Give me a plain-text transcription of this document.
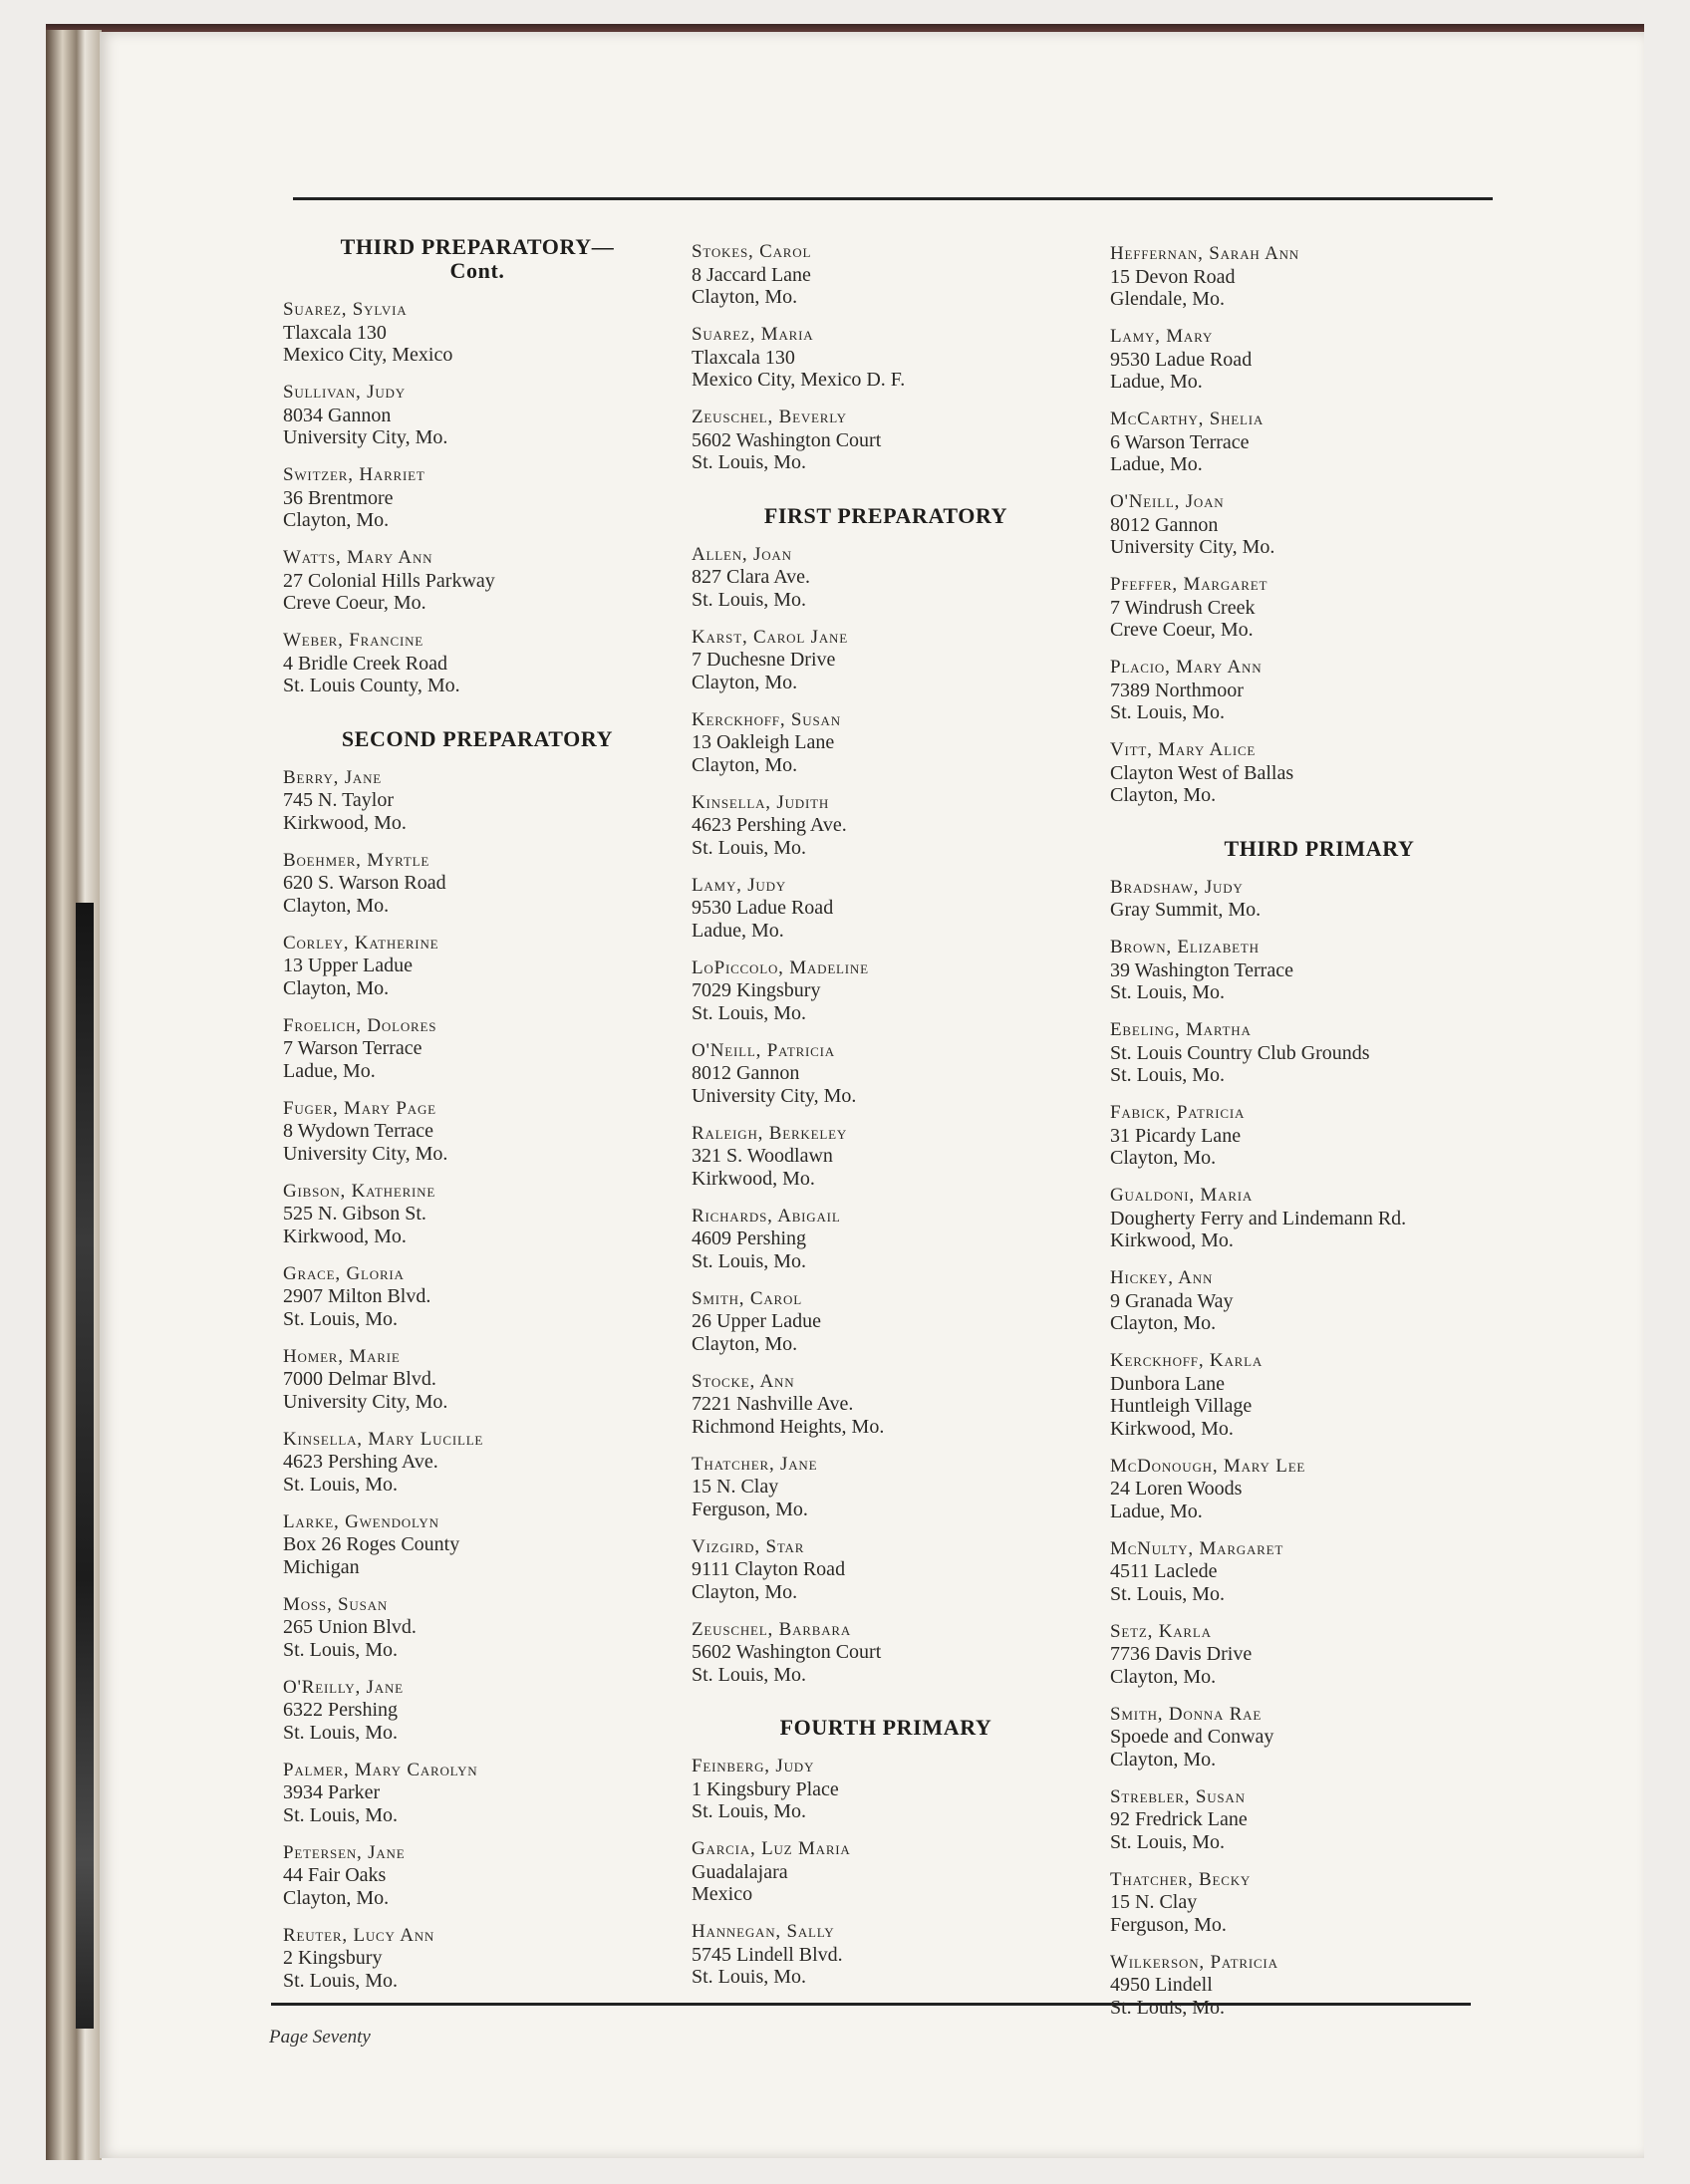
THIRD PREPARATORY—
Cont.
Suarez, Sylvia
Tlaxcala 130
Mexico City, Mexico
Sullivan, Judy
8034 Gannon
University City, Mo.
Switzer, Harriet
36 Brentmore
Clayton, Mo.
Watts, Mary Ann
27 Colonial Hills Parkway
Creve Coeur, Mo.
Weber, Francine
4 Bridle Creek Road
St. Louis County, Mo.
SECOND PREPARATORY
Berry, Jane
745 N. Taylor
Kirkwood, Mo.
Boehmer, Myrtle
620 S. Warson Road
Clayton, Mo.
Corley, Katherine
13 Upper Ladue
Clayton, Mo.
Froelich, Dolores
7 Warson Terrace
Ladue, Mo.
Fuger, Mary Page
8 Wydown Terrace
University City, Mo.
Gibson, Katherine
525 N. Gibson St.
Kirkwood, Mo.
Grace, Gloria
2907 Milton Blvd.
St. Louis, Mo.
Homer, Marie
7000 Delmar Blvd.
University City, Mo.
Kinsella, Mary Lucille
4623 Pershing Ave.
St. Louis, Mo.
Larke, Gwendolyn
Box 26 Roges County
Michigan
Moss, Susan
265 Union Blvd.
St. Louis, Mo.
O'Reilly, Jane
6322 Pershing
St. Louis, Mo.
Palmer, Mary Carolyn
3934 Parker
St. Louis, Mo.
Petersen, Jane
44 Fair Oaks
Clayton, Mo.
Reuter, Lucy Ann
2 Kingsbury
St. Louis, Mo.
Stokes, Carol
8 Jaccard Lane
Clayton, Mo.
Suarez, Maria
Tlaxcala 130
Mexico City, Mexico D. F.
Zeuschel, Beverly
5602 Washington Court
St. Louis, Mo.
FIRST PREPARATORY
Allen, Joan
827 Clara Ave.
St. Louis, Mo.
Karst, Carol Jane
7 Duchesne Drive
Clayton, Mo.
Kerckhoff, Susan
13 Oakleigh Lane
Clayton, Mo.
Kinsella, Judith
4623 Pershing Ave.
St. Louis, Mo.
Lamy, Judy
9530 Ladue Road
Ladue, Mo.
LoPiccolo, Madeline
7029 Kingsbury
St. Louis, Mo.
O'Neill, Patricia
8012 Gannon
University City, Mo.
Raleigh, Berkeley
321 S. Woodlawn
Kirkwood, Mo.
Richards, Abigail
4609 Pershing
St. Louis, Mo.
Smith, Carol
26 Upper Ladue
Clayton, Mo.
Stocke, Ann
7221 Nashville Ave.
Richmond Heights, Mo.
Thatcher, Jane
15 N. Clay
Ferguson, Mo.
Vizgird, Star
9111 Clayton Road
Clayton, Mo.
Zeuschel, Barbara
5602 Washington Court
St. Louis, Mo.
FOURTH PRIMARY
Feinberg, Judy
1 Kingsbury Place
St. Louis, Mo.
Garcia, Luz Maria
Guadalajara
Mexico
Hannegan, Sally
5745 Lindell Blvd.
St. Louis, Mo.
Heffernan, Sarah Ann
15 Devon Road
Glendale, Mo.
Lamy, Mary
9530 Ladue Road
Ladue, Mo.
McCarthy, Shelia
6 Warson Terrace
Ladue, Mo.
O'Neill, Joan
8012 Gannon
University City, Mo.
Pfeffer, Margaret
7 Windrush Creek
Creve Coeur, Mo.
Placio, Mary Ann
7389 Northmoor
St. Louis, Mo.
Vitt, Mary Alice
Clayton West of Ballas
Clayton, Mo.
THIRD PRIMARY
Bradshaw, Judy
Gray Summit, Mo.
Brown, Elizabeth
39 Washington Terrace
St. Louis, Mo.
Ebeling, Martha
St. Louis Country Club Grounds
St. Louis, Mo.
Fabick, Patricia
31 Picardy Lane
Clayton, Mo.
Gualdoni, Maria
Dougherty Ferry and Lindemann Rd.
Kirkwood, Mo.
Hickey, Ann
9 Granada Way
Clayton, Mo.
Kerckhoff, Karla
Dunbora Lane
Huntleigh Village
Kirkwood, Mo.
McDonough, Mary Lee
24 Loren Woods
Ladue, Mo.
McNulty, Margaret
4511 Laclede
St. Louis, Mo.
Setz, Karla
7736 Davis Drive
Clayton, Mo.
Smith, Donna Rae
Spoede and Conway
Clayton, Mo.
Strebler, Susan
92 Fredrick Lane
St. Louis, Mo.
Thatcher, Becky
15 N. Clay
Ferguson, Mo.
Wilkerson, Patricia
4950 Lindell
St. Louis, Mo.
Page Seventy
